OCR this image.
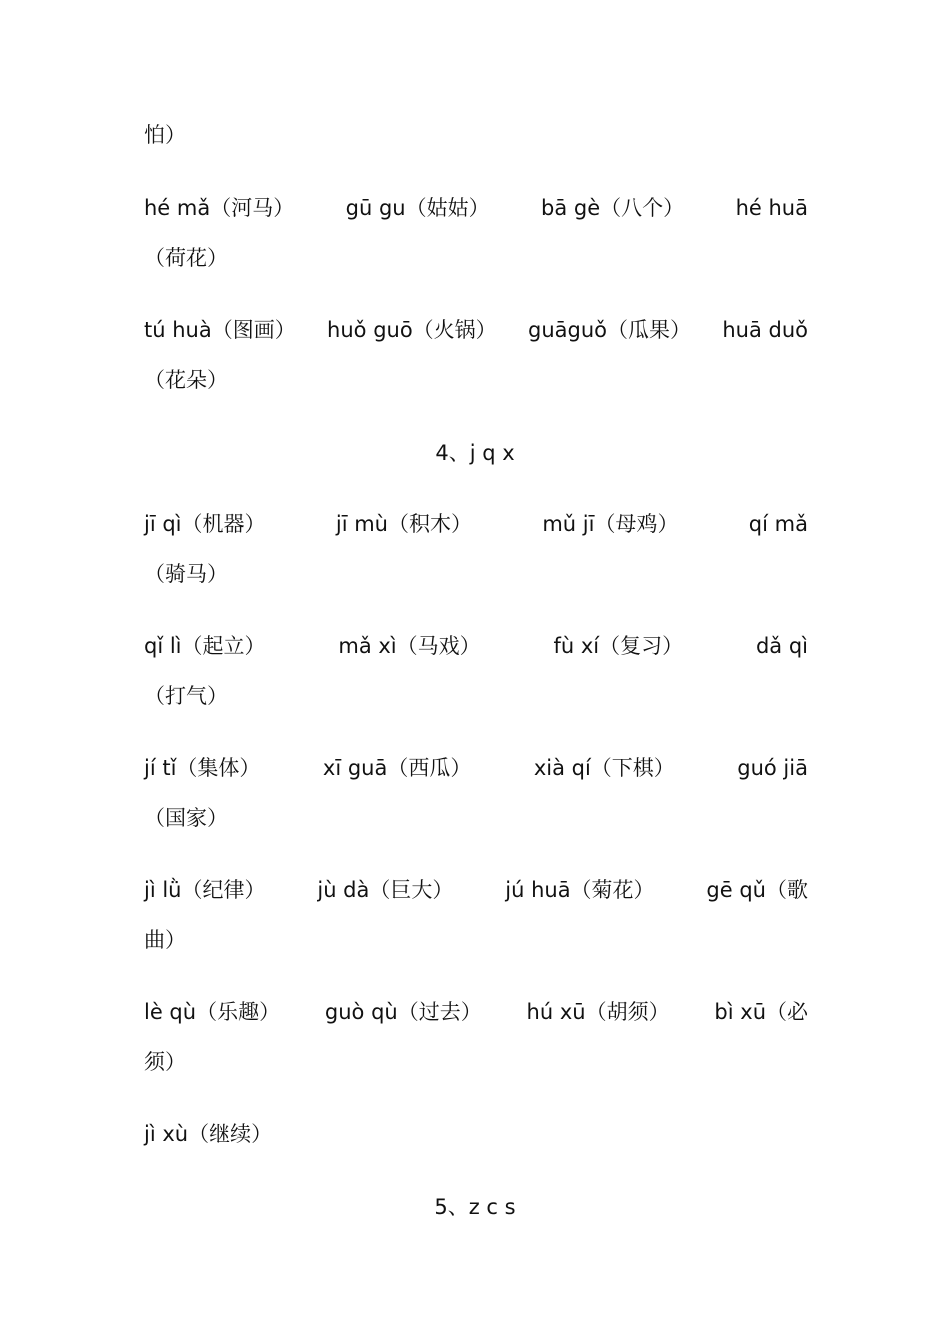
怕）
hé mǎ（河马） gū gu（姑姑） bā gè（八个） hé huā
（荷花）
tú huà（图画） huǒ guō（火锅） guāguǒ（瓜果） huā duǒ
（花朵）
4、j q x
jī qì（机器）	jī mù（积木）	mǔ jī（母鸡）	qí mǎ
（骑马）
qǐ lì（起立）	mǎ xì（马戏）	fù xí（复习）	dǎ qì
（打气）
jí tǐ（集体）	xī guā（西瓜）	xià qí（下棋）	guó jiā
（国家）
jì lǜ（纪律） jù dà（巨大） jú huā（菊花） gē qǔ（歌
曲）
lè qù（乐趣） guò qù（过去） hú xū（胡须） bì xū（必
须）
jì xù（继续）
5、z c s
